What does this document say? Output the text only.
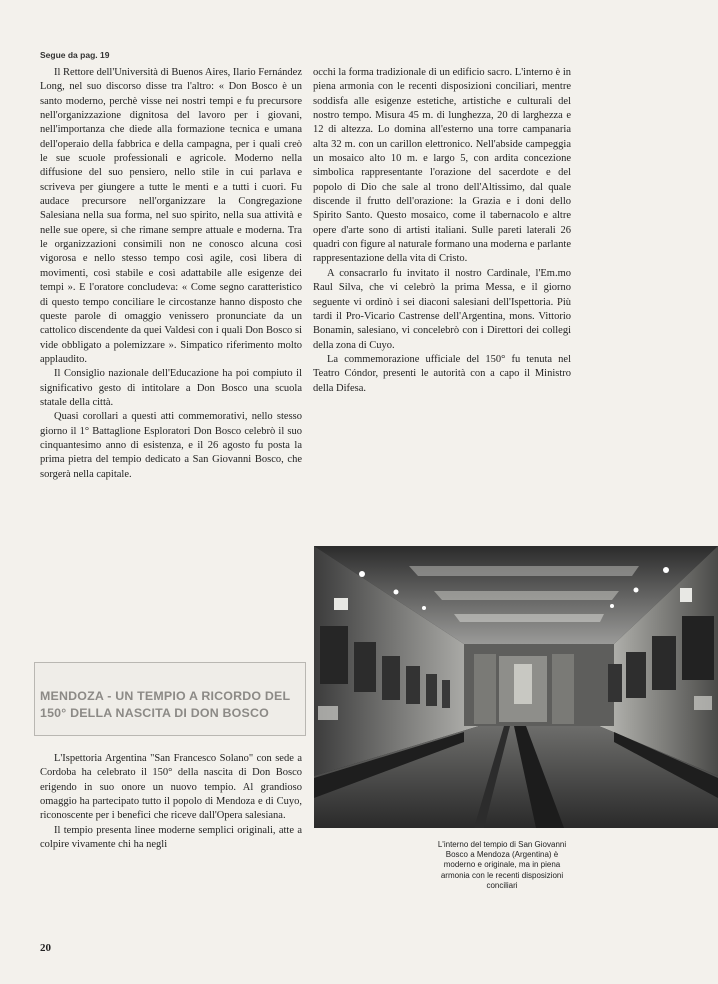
Segue da pag. 19

Il Rettore dell'Università di Buenos Aires, Ilario Fernández Long, nel suo discorso disse tra l'altro: « Don Bosco è un santo moderno, perchè visse nei nostri tempi e fu precursore nell'organizzazione dignitosa del lavoro per i giovani, nell'importanza che diede alla formazione tecnica e umana dell'operaio della fabbrica e della campagna, per i quali creò le sue scuole professionali e agricole. Moderno nella diffusione del suo pensiero, nello stile in cui parlava e scriveva per giungere a tutte le menti e a tutti i cuori. Fu audace precursore nell'organizzare la Congregazione Salesiana nella sua forma, nel suo spirito, nella sua attività e nelle sue opere, sì che rimane sempre attuale e moderna. Tra le organizzazioni consimili non ne conosco alcuna così vigorosa e nello stesso tempo così agile, così libera di movimenti, così stabile e così adattabile alle esigenze dei tempi ». E l'oratore concludeva: « Come segno caratteristico di questo tempo conciliare le circostanze hanno disposto che queste parole di omaggio venissero pronunciate da un cattolico discendente da quei Valdesi con i quali Don Bosco si vide obbligato a polemizzare ». Simpatico riferimento molto applaudito.

Il Consiglio nazionale dell'Educazione ha poi compiuto il significativo gesto di intitolare a Don Bosco una scuola statale della città.

Quasi corollari a questi atti commemorativi, nello stesso giorno il 1° Battaglione Esploratori Don Bosco celebrò il suo cinquantesimo anno di esistenza, e il 26 agosto fu posta la prima pietra del tempio dedicato a San Giovanni Bosco, che sorgerà nella capitale.

occhi la forma tradizionale di un edificio sacro. L'interno è in piena armonia con le recenti disposizioni conciliari, mentre soddisfa alle esigenze estetiche, artistiche e culturali del nostro tempo. Misura 45 m. di lunghezza, 20 di larghezza e 12 di altezza. Lo domina all'esterno una torre campanaria alta 32 m. con un carillon elettronico. Nell'abside campeggia un mosaico alto 10 m. e largo 5, con ardita concezione simbolica rappresentante l'orazione del sacerdote e del popolo di Dio che sale al trono dell'Altissimo, dal quale discende il frutto dell'orazione: la Grazia e i doni dello Spirito Santo. Questo mosaico, come il tabernacolo e altre opere d'arte sono di artisti italiani. Sulle pareti laterali 26 quadri con figure al naturale formano una moderna e parlante rappresentazione della vita di Cristo.

A consacrarlo fu invitato il nostro Cardinale, l'Em.mo Raul Silva, che vi celebrò la prima Messa, e il giorno seguente vi ordinò i sei diaconi salesiani dell'Ispettoria. Più tardi il Pro-Vicario Castrense dell'Argentina, mons. Vittorio Bonamin, salesiano, vi concelebrò con i Direttori dei collegi della zona di Cuyo.

La commemorazione ufficiale del 150° fu tenuta nel Teatro Cóndor, presenti le autorità con a capo il Ministro della Difesa.

MENDOZA - UN TEMPIO A RICORDO DEL
150° DELLA NASCITA DI DON BOSCO

L'Ispettoria Argentina "San Francesco Solano" con sede a Cordoba ha celebrato il 150° della nascita di Don Bosco erigendo in suo onore un nuovo tempio. Al grandioso omaggio ha partecipato tutto il popolo di Mendoza e di Cuyo, riconoscente per i benefici che riceve dall'Opera salesiana.

Il tempio presenta linee moderne semplici originali, atte a colpire vivamente chi ha negli	L'interno del tempio di San Giovanni Bosco a Mendoza (Argentina) è moderno e originale, ma in piena armonia con le recenti disposizioni conciliari
20
